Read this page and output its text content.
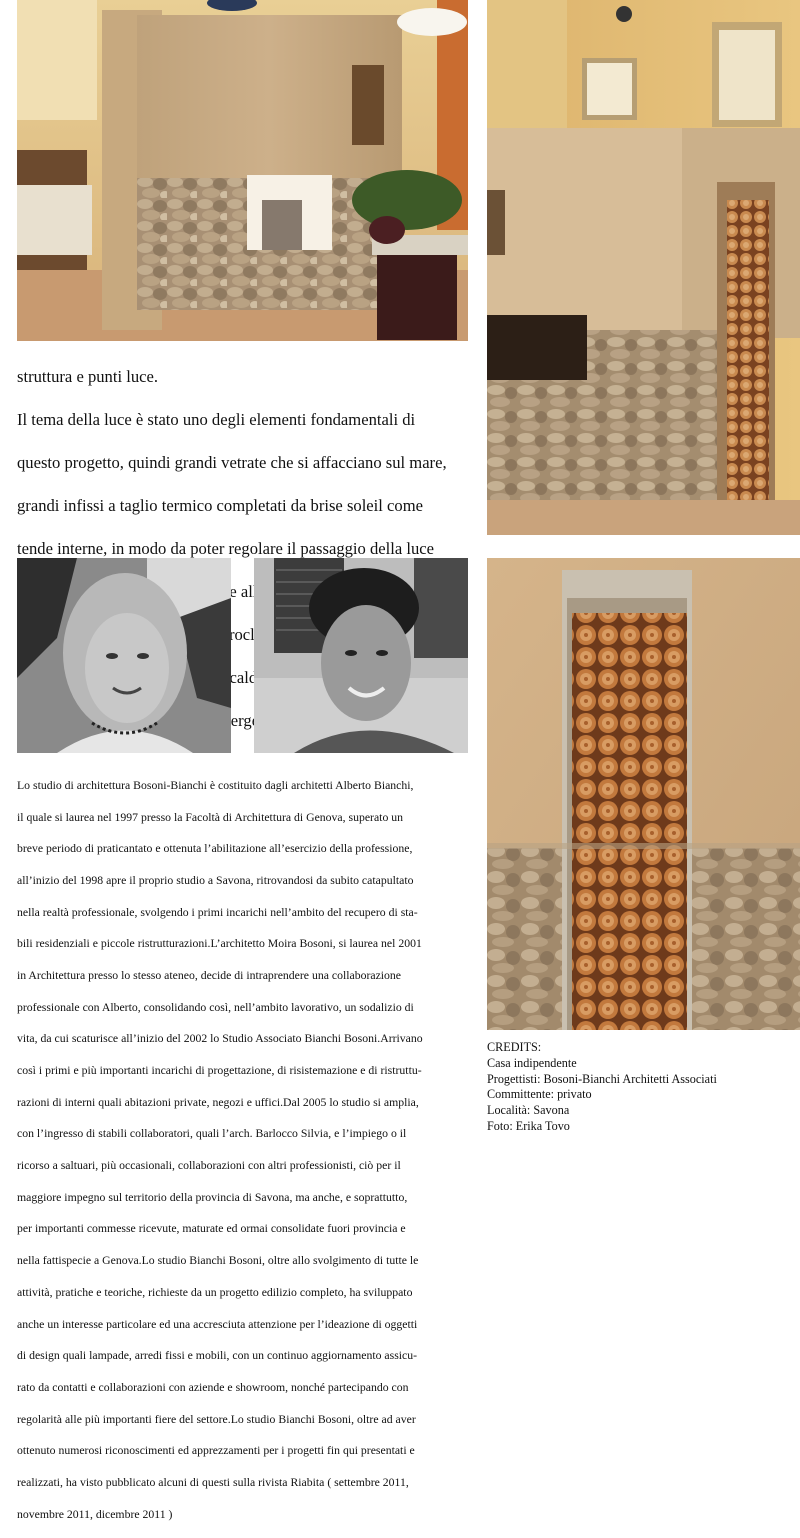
struttura e punti luce.

Il tema della luce è stato uno degli elementi fondamentali di

questo progetto, quindi grandi vetrate che si affacciano sul mare,

grandi infissi a taglio termico completati da brise soleil come

tende interne, in modo da poter regolare il passaggio della luce

alle

microclima

energetico

Lo studio di architettura Bosoni-Bianchi è costituito dagli architetti Alberto Bianchi,

il quale si laurea nel 1997 presso la Facoltà di Architettura di Genova, superato un

breve periodo di praticantato e ottenuta l’abilitazione all’esercizio della professione,

all’inizio del 1998 apre il proprio studio a Savona, ritrovandosi da subito catapultato

nella realtà professionale, svolgendo i primi incarichi nell’ambito del recupero di sta-

bili residenziali e piccole ristrutturazioni.L’architetto Moira Bosoni, si laurea nel 2001

in Architettura presso lo stesso ateneo, decide di intraprendere una collaborazione

professionale con Alberto, consolidando così, nell’ambito lavorativo, un sodalizio di

vita, da cui scaturisce all’inizio del 2002 lo Studio Associato Bianchi Bosoni.Arrivano

così i primi e più importanti incarichi di progettazione, di risistemazione e di ristruttu-

razioni di interni quali abitazioni private, negozi e uffici.Dal 2005 lo studio si amplia,

con l’ingresso di stabili collaboratori, quali l’arch. Barlocco Silvia, e l’impiego o il

ricorso a saltuari, più occasionali, collaborazioni con altri professionisti, ciò per il

maggiore impegno sul territorio della provincia di Savona, ma anche, e soprattutto,

per importanti commesse ricevute, maturate ed ormai consolidate fuori provincia e

nella fattispecie a Genova.Lo studio Bianchi Bosoni, oltre allo svolgimento di tutte le

attività, pratiche e teoriche, richieste da un progetto edilizio completo, ha sviluppato

anche un interesse particolare ed una accresciuta attenzione per l’ideazione di oggetti

di design quali lampade, arredi fissi e mobili, con un continuo aggiornamento assicu-

rato da contatti e collaborazioni con aziende e showroom, nonché partecipando con

regolarità alle più importanti fiere del settore.Lo studio Bianchi Bosoni, oltre ad aver

ottenuto numerosi riconoscimenti ed apprezzamenti per i progetti fin qui presentati e

realizzati, ha visto pubblicato alcuni di questi sulla rivista Riabita ( settembre 2011,

novembre 2011, dicembre 2011 )

CREDITS:
Casa indipendente
Progettisti: Bosoni-Bianchi Architetti Associati
Committente: privato
Località: Savona
Foto: Erika Tovo
